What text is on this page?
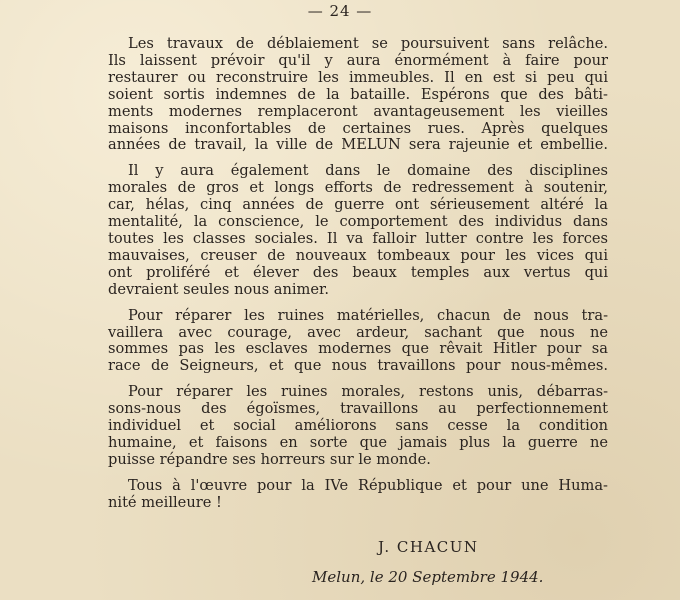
— 24 —

Les travaux de déblaiement se poursuivent sans relâche.
Ils laissent prévoir qu'il y aura énormément à faire pour
restaurer ou reconstruire les immeubles. Il en est si peu qui
soient sortis indemnes de la bataille. Espérons que des bâti-
ments modernes remplaceront avantageusement les vieilles
maisons inconfortables de certaines rues. Après quelques
années de travail, la ville de MELUN sera rajeunie et embellie.

Il y aura également dans le domaine des disciplines
morales de gros et longs efforts de redressement à soutenir,
car, hélas, cinq années de guerre ont sérieusement altéré la
mentalité, la conscience, le comportement des individus dans
toutes les classes sociales. Il va falloir lutter contre les forces
mauvaises, creuser de nouveaux tombeaux pour les vices qui
ont proliféré et élever des beaux temples aux vertus qui
devraient seules nous animer.

Pour réparer les ruines matérielles, chacun de nous tra-
vaillera avec courage, avec ardeur, sachant que nous ne
sommes pas les esclaves modernes que rêvait Hitler pour sa
race de Seigneurs, et que nous travaillons pour nous-mêmes.

Pour réparer les ruines morales, restons unis, débarras-
sons-nous des égoïsmes, travaillons au perfectionnement
individuel et social améliorons sans cesse la condition
humaine, et faisons en sorte que jamais plus la guerre ne
puisse répandre ses horreurs sur le monde.

Tous à l'œuvre pour la IVe République et pour une Huma-
nité meilleure !

J. CHACUN
Melun, le 20 Septembre 1944.
